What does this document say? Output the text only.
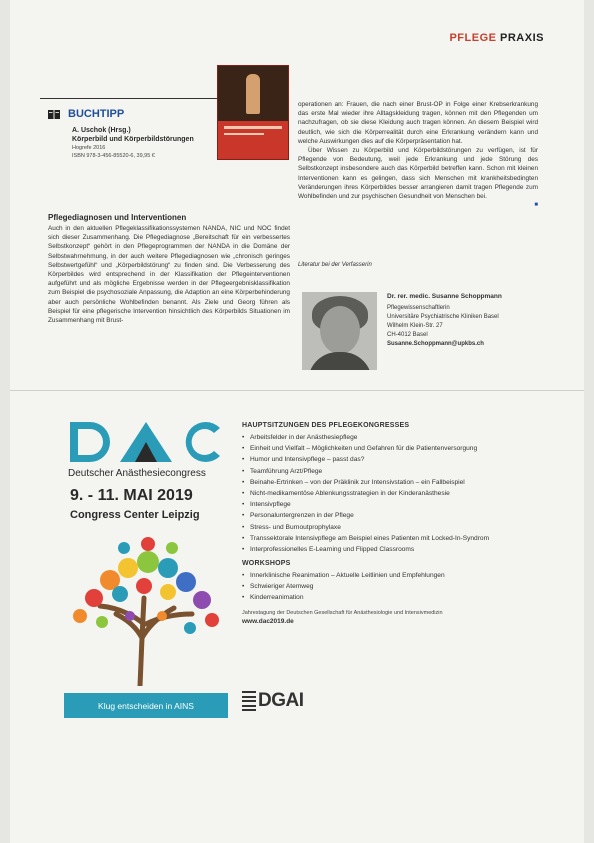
PFLEGE PRAXIS
BUCHTIPP
A. Uschok (Hrsg.)
Körperbild und Körperbildstörungen
Hogrefe 2016
ISBN 978-3-456-85520-6, 39,95 €
Pflegediagnosen und Interventionen
Auch in den aktuellen Pflegeklassifikationssystemen NANDA, NIC und NOC findet sich dieser Zusammenhang. Die Pflegediagnose „Bereitschaft für ein verbessertes Selbstkonzept“ gehört in den Pflegeprogrammen der NANDA in die Domäne der Selbstwahrnehmung, in der auch weitere Pflegediagnosen wie „chronisch geringes Selbstwertgefühl“ und „Körperbildstörung“ zu finden sind. Die Verbesserung des Körperbildes wird entsprechend in der Klassifikation der Pflegeinterventionen aufgeführt und als mögliche Ergebnisse werden in der Pflegeergebnisklassifikation zum Beispiel die psychosoziale Anpassung, die Adaption an eine Körperbehinderung aber auch persönliche Wohlbefinden benannt. Als Ziele und Georg führen als Beispiel für eine pflegerische Intervention hinsichtlich des Körperbilds Situationen im Zusammenhang mit Brust-

operationen an: Frauen, die nach einer Brust-OP in Folge einer Krebserkrankung das erste Mal wieder ihre Alltagskleidung tragen, können mit den Pflegenden um nachzufragen, ob sie diese Kleidung auch tragen können. An diesem Beispiel wird deutlich, wie sich die Körperrealität durch eine Erkrankung verändern kann und welche Auswirkungen dies auf die Körperpräsentation hat.

Über Wissen zu Körperbild und Körperbildstörungen zu verfügen, ist für Pflegende von Bedeutung, weil jede Erkrankung und jede Störung des Selbstkonzept insbesondere auch das Körperbild betreffen kann. Schon mit kleinen Interventionen kann es gelingen, dass sich Menschen mit krankheitsbedingten Veränderungen ihres Körperbildes besser arrangieren damit tragen Pflegende zum Wohlbefinden und zur psychischen Gesundheit von Menschen bei.

■
Literatur bei der Verfasserin
Dr. rer. medic. Susanne Schoppmann
Pflegewissenschaftlerin
Universitäre Psychiatrische Kliniken Basel
Wilhelm Klein-Str. 27
CH-4012 Basel
Susanne.Schoppmann@upkbs.ch
Deutscher Anästhesiecongress
9. - 11. MAI 2019
Congress Center Leipzig
Klug entscheiden in AINS
HAUPTSITZUNGEN DES PFLEGEKONGRESSES
• Arbeitsfelder in der Anästhesiepflege
• Einheit und Vielfalt – Möglichkeiten und Gefahren für die Patientenversorgung
• Humor und Intensivpflege – passt das?
• Teamführung Arzt/Pflege
• Beinahe-Ertrinken – von der Präklinik zur Intensivstation – ein Fallbeispiel
• Nicht-medikamentöse Ablenkungsstrategien in der Kinderanästhesie
• Intensivpflege
• Personaluntergrenzen in der Pflege
• Stress- und Burnoutprophylaxe
• Transsektorale Intensivpflege am Beispiel eines Patienten mit Locked-In-Syndrom
• Interprofessionelles E-Learning und Flipped Classrooms
WORKSHOPS
• Innerklinische Reanimation – Aktuelle Leitlinien und Empfehlungen
• Schwieriger Atemweg
• Kinderreanimation
Jahrestagung der Deutschen Gesellschaft für Anästhesiologie und Intensivmedizin
www.dac2019.de
DGAI
